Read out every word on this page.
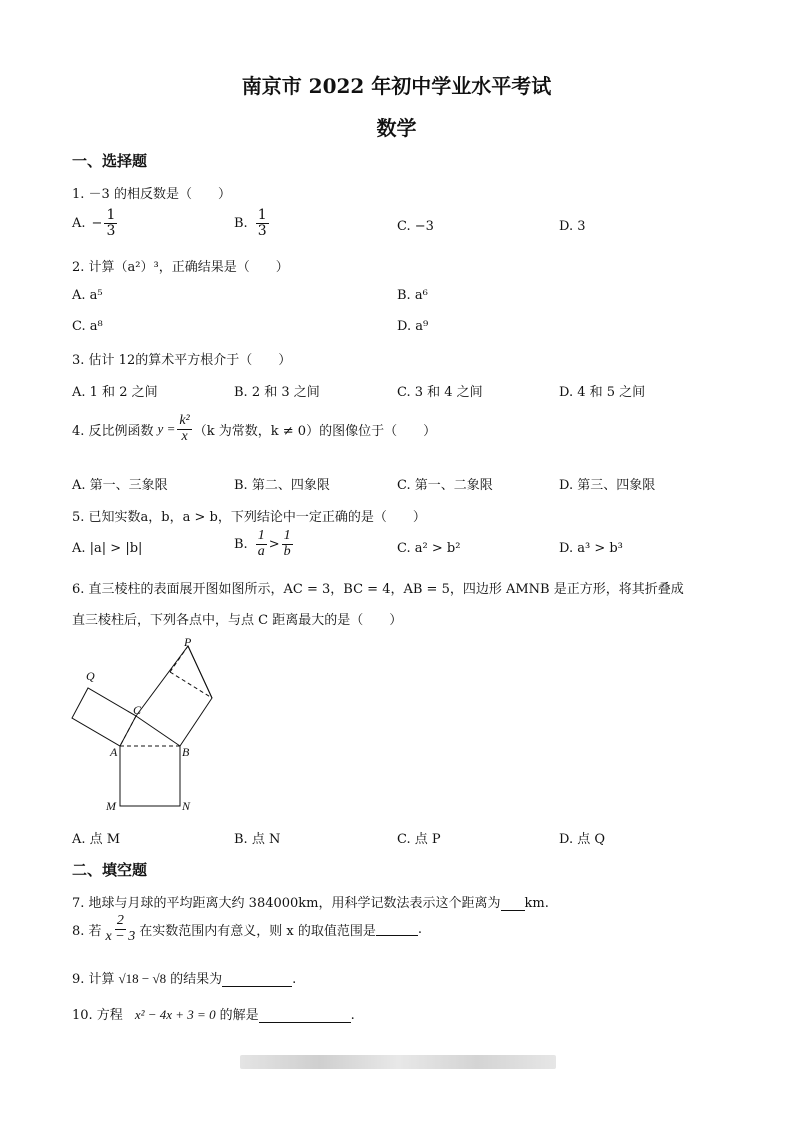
南京市 2022 年初中学业水平考试
数学
一、选择题
1. －3 的相反数是（　　）
A. − $\frac{1}{3}$	B. $\frac{1}{3}$	C. −3	D. 3
2. 计算（a²）³，正确结果是（　　）
A. a⁵	B. a⁶
C. a⁸	D. a⁹
3. 估计 12的算术平方根介于（　　）
A. 1 和 2 之间	B. 2 和 3 之间	C. 3 和 4 之间	D. 4 和 5 之间
4. 反比例函数 $y = \frac{\text{k²}}{x} (k$ 为常数，k ≠ 0）的图像位于（　　）
A. 第一、三象限	B. 第二、四象限	C. 第一、二象限	D. 第三、四象限
5. 已知实数a，b，a > b，下列结论中一定正确的是（　　）
A. |a| > |b|	B. $\frac{1}{a} > \frac{1}{b}$	C. a² > b²	D. a³ > b³
6. 直三棱柱的表面展开图如图所示，AC = 3，BC = 4，AB = 5，四边形 AMNB 是正方形，将其折叠成
直三棱柱后，下列各点中，与点 C 距离最大的是（　　）
P
Q
C
A	B
M	N
A. 点 M	B. 点 N	C. 点 P	D. 点 Q
二、填空题
7. 地球与月球的平均距离大约 384000km，用科学记数法表示这个距离为 km.
8. 若 $\frac{2}{x - 3}$ 在实数范围内有意义，则 x 的取值范围是	.
9. 计算 √18 − √8 的结果为	.
10. 方程 x² − 4x + 3 = 0 的解是	.
